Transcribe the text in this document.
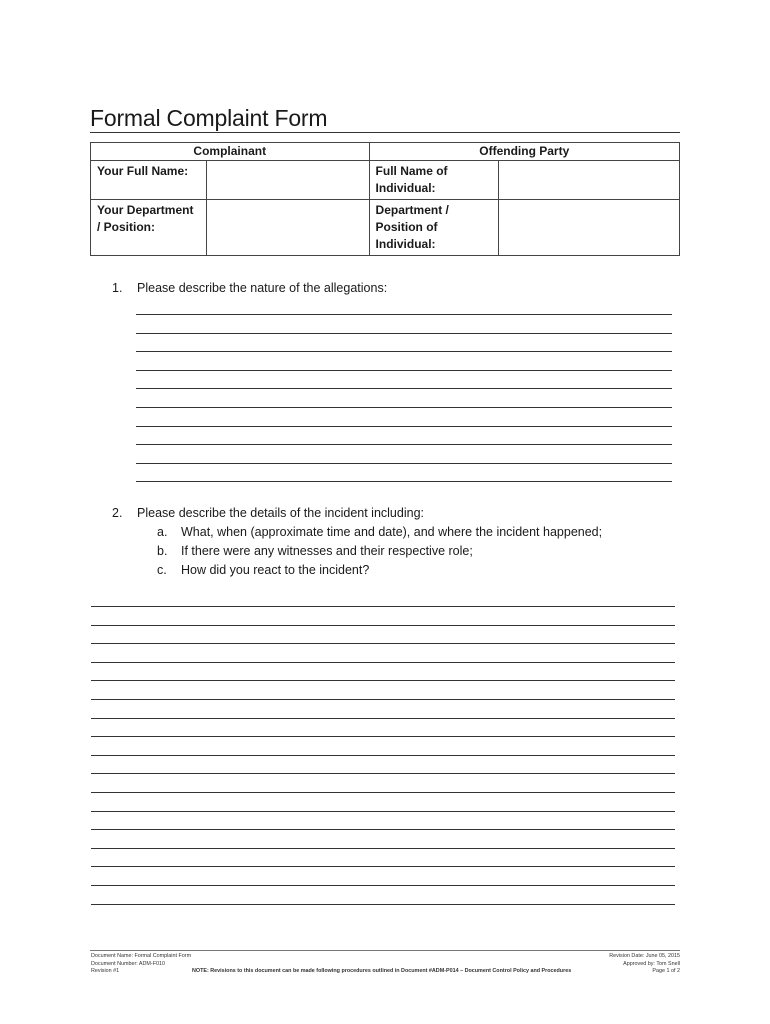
Formal Complaint Form
Complainant		Offending Party	
Your Full Name:		Full Name of Individual:	
Your Department / Position:		Department / Position of Individual:	
1. Please describe the nature of the allegations:
2. Please describe the details of the incident including:
a. What, when (approximate time and date), and where the incident happened;
b. If there were any witnesses and their respective role;
c. How did you react to the incident?
Document Name: Formal Complaint Form
Document Number: ADM-F010
Revision #1
Revision Date: June 05, 2015
Approved by: Tom Snell
Page 1 of 2
NOTE: Revisions to this document can be made following procedures outlined in Document #ADM-P014 – Document Control Policy and Procedures
